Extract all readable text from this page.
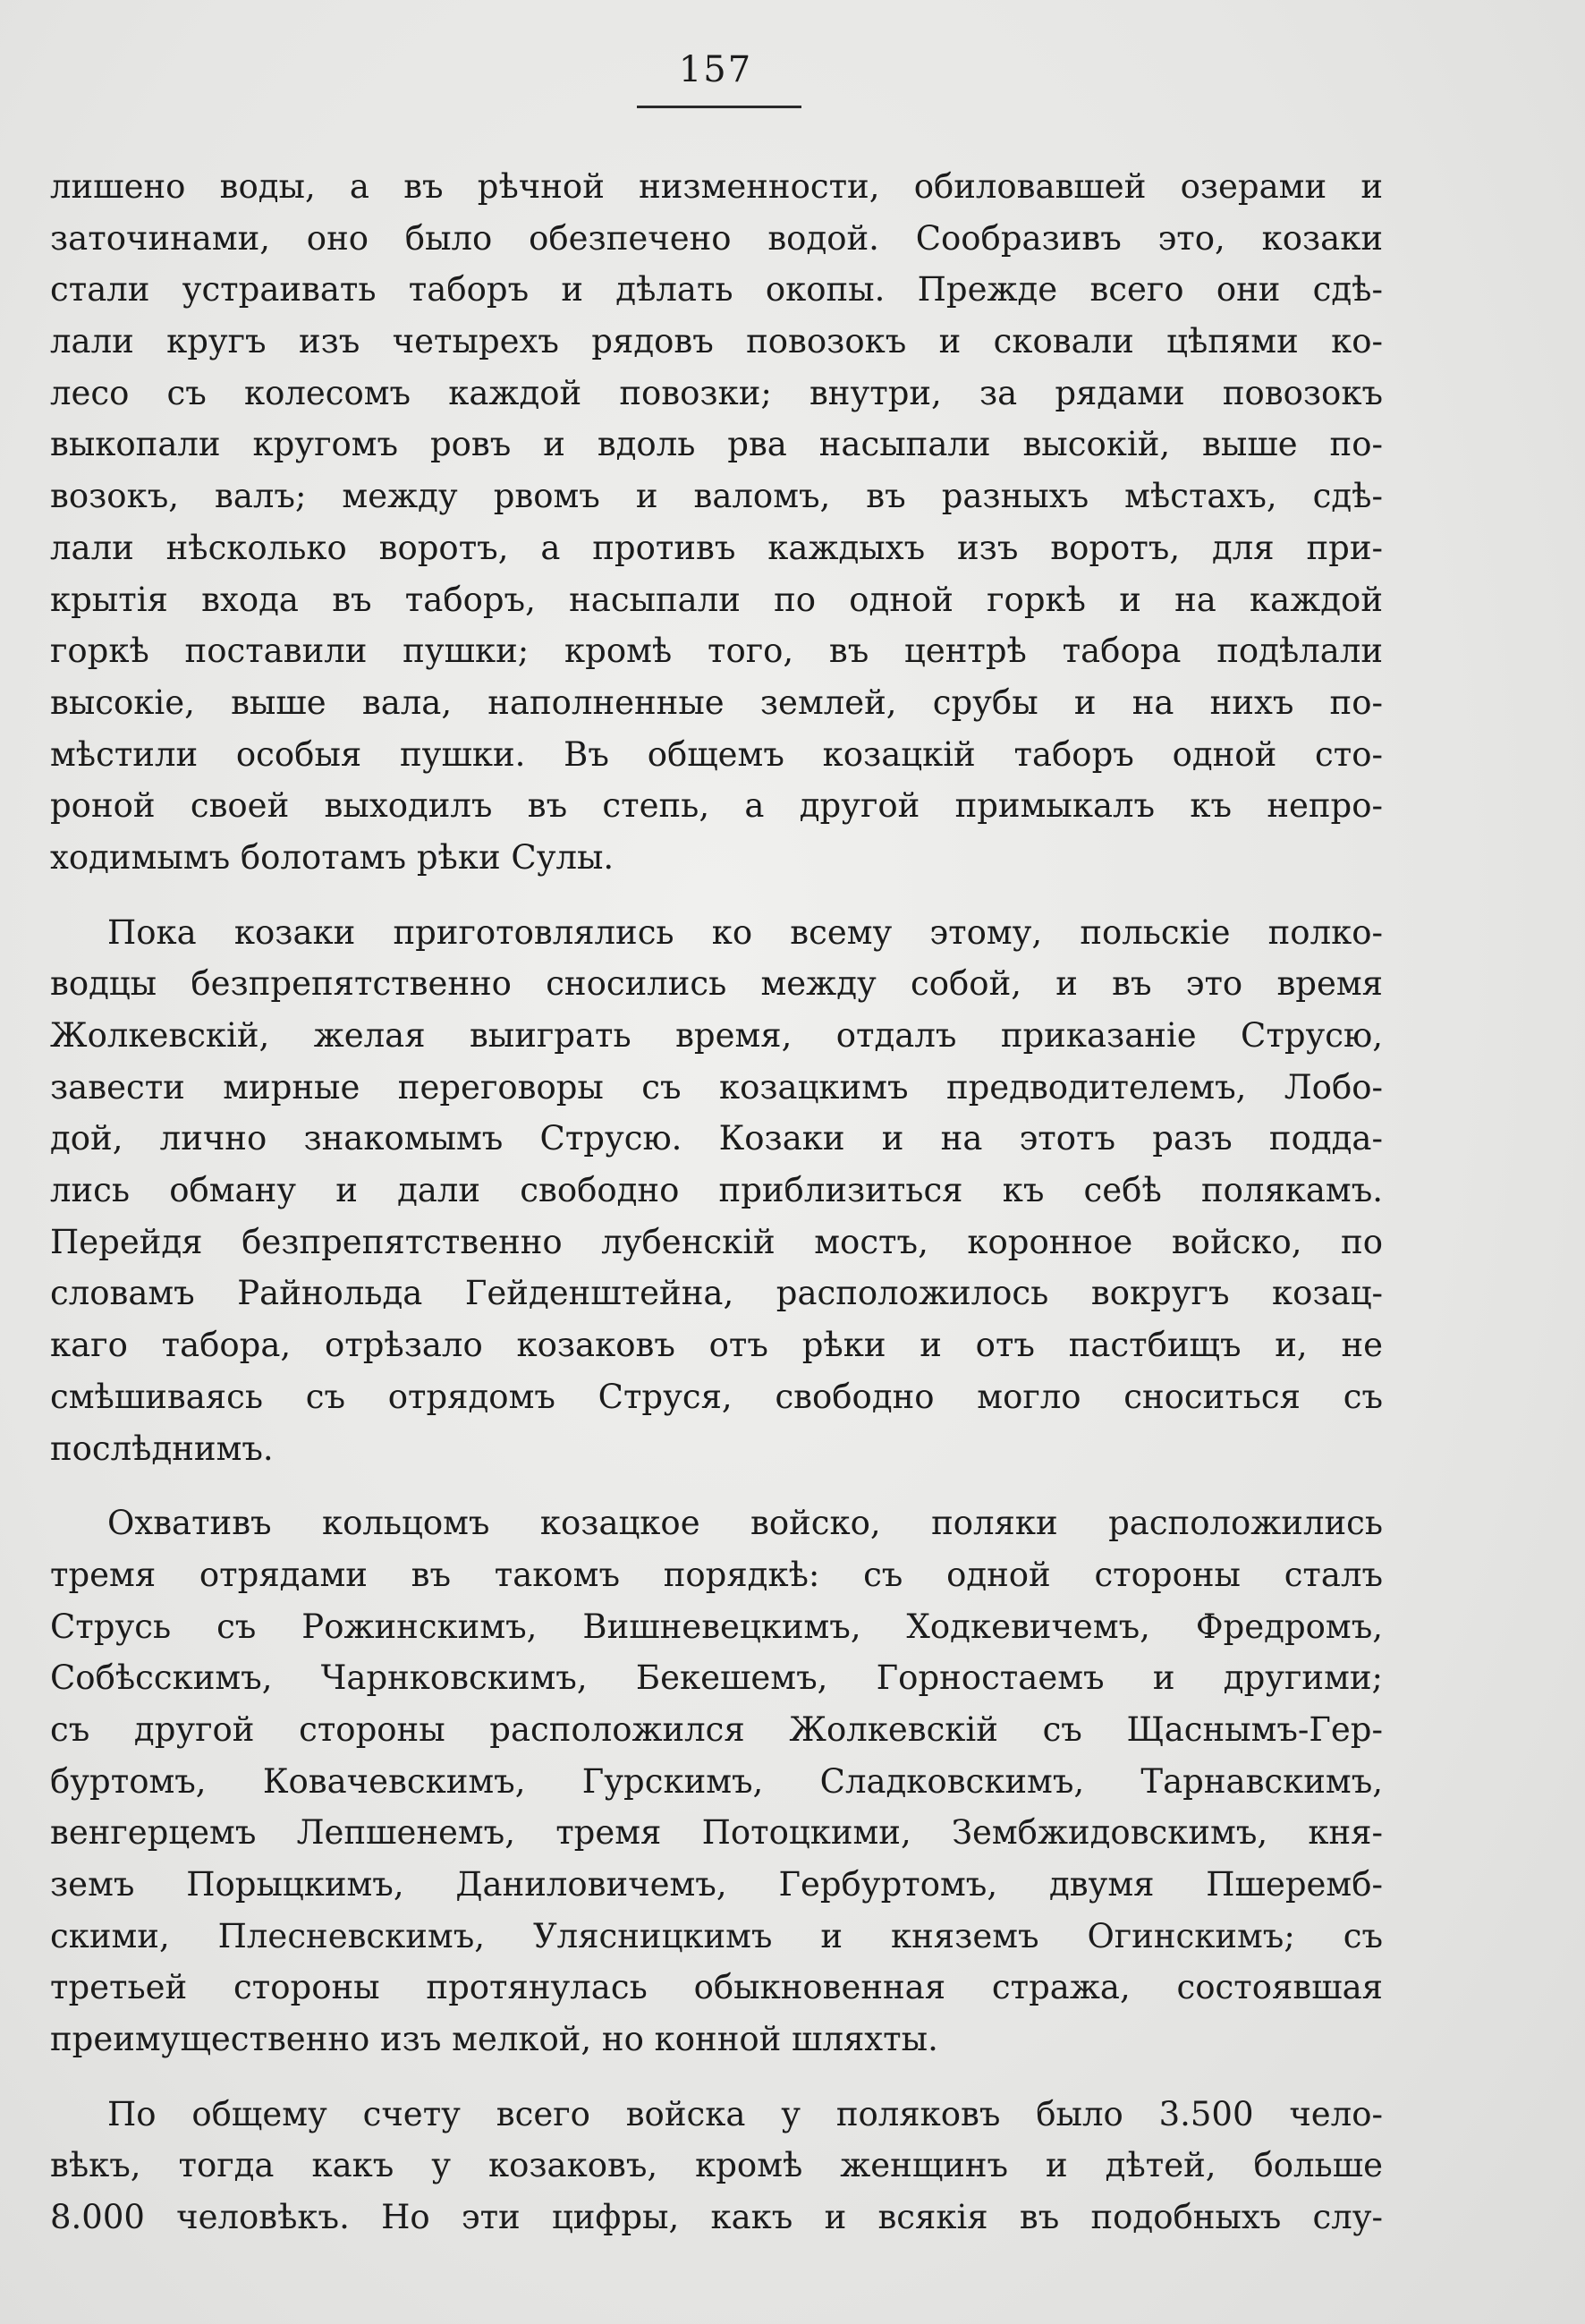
157
лишено воды, а въ рѣчной низменности, обиловавшей озерами и
заточинами, оно было обезпечено водой. Сообразивъ это, козаки
стали устраивать таборъ и дѣлать окопы. Прежде всего они сдѣ-
лали кругъ изъ четырехъ рядовъ повозокъ и сковали цѣпями ко-
лесо съ колесомъ каждой повозки; внутри, за рядами повозокъ
выкопали кругомъ ровъ и вдоль рва насыпали высокій, выше по-
возокъ, валъ; между рвомъ и валомъ, въ разныхъ мѣстахъ, сдѣ-
лали нѣсколько воротъ, а противъ каждыхъ изъ воротъ, для при-
крытія входа въ таборъ, насыпали по одной горкѣ и на каждой
горкѣ поставили пушки; кромѣ того, въ центрѣ табора подѣлали
высокіе, выше вала, наполненные землей, срубы и на нихъ по-
мѣстили особыя пушки. Въ общемъ козацкій таборъ одной сто-
роной своей выходилъ въ степь, а другой примыкалъ къ непро-
ходимымъ болотамъ рѣки Сулы.
Пока козаки приготовлялись ко всему этому, польскіе полко-
водцы безпрепятственно сносились между собой, и въ это время
Жолкевскій, желая выиграть время, отдалъ приказаніе Струсю,
завести мирные переговоры съ козацкимъ предводителемъ, Лобо-
дой, лично знакомымъ Струсю. Козаки и на этотъ разъ подда-
лись обману и дали свободно приблизиться къ себѣ полякамъ.
Перейдя безпрепятственно лубенскій мостъ, коронное войско, по
словамъ Райнольда Гейденштейна, расположилось вокругъ козац-
каго табора, отрѣзало козаковъ отъ рѣки и отъ пастбищъ и, не
смѣшиваясь съ отрядомъ Струся, свободно могло сноситься съ
послѣднимъ.
Охвативъ кольцомъ козацкое войско, поляки расположились
тремя отрядами въ такомъ порядкѣ: съ одной стороны сталъ
Струсь съ Рожинскимъ, Вишневецкимъ, Ходкевичемъ, Фредромъ,
Собѣсскимъ, Чарнковскимъ, Бекешемъ, Горностаемъ и другими;
съ другой стороны расположился Жолкевскій съ Щаснымъ-Гер-
буртомъ, Ковачевскимъ, Гурскимъ, Сладковскимъ, Тарнавскимъ,
венгерцемъ Лепшенемъ, тремя Потоцкими, Зембжидовскимъ, кня-
земъ Порыцкимъ, Даниловичемъ, Гербуртомъ, двумя Пшеремб-
скими, Плесневскимъ, Улясницкимъ и княземъ Огинскимъ; съ
третьей стороны протянулась обыкновенная стража, состоявшая
преимущественно изъ мелкой, но конной шляхты.
По общему счету всего войска у поляковъ было 3.500 чело-
вѣкъ, тогда какъ у козаковъ, кромѣ женщинъ и дѣтей, больше
8.000 человѣкъ. Но эти цифры, какъ и всякія въ подобныхъ слу-
